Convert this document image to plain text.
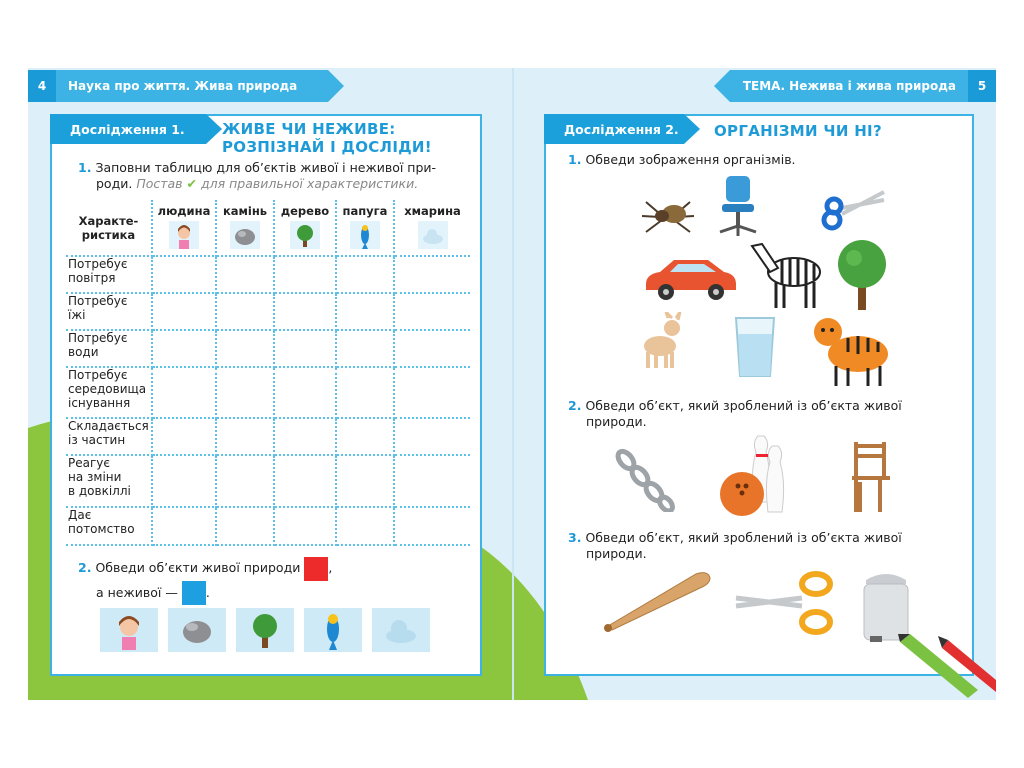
4	Наука про життя. Жива природа	ТЕМА. Нежива і жива природа	5
Дослідження 1. ЖИВЕ ЧИ НЕЖИВЕ:
РОЗПІЗНАЙ І ДОСЛІДИ!
1. Заповни таблицю для об’єктів живої і неживої при-
роди. Постав ✔ для правильної характеристики.
Характе-
ристика	людина	камінь	дерево	папуга	хмарина

Потребує
повітря					

Потребує
їжі					

Потребує
води					

Потребує
середовища
існування					

Складається
із частин					

Реагує
на зміни
в довкіллі					

Дає
потомство					

2. Обведи об’єкти живої природи ,
а неживої — .
Дослідження 2. ОРГАНІЗМИ ЧИ НІ?
1. Обведи зображення організмів.
2. Обведи об’єкт, який зроблений із об’єкта живої
природи.
3. Обведи об’єкт, який зроблений із об’єкта живої
природи.
